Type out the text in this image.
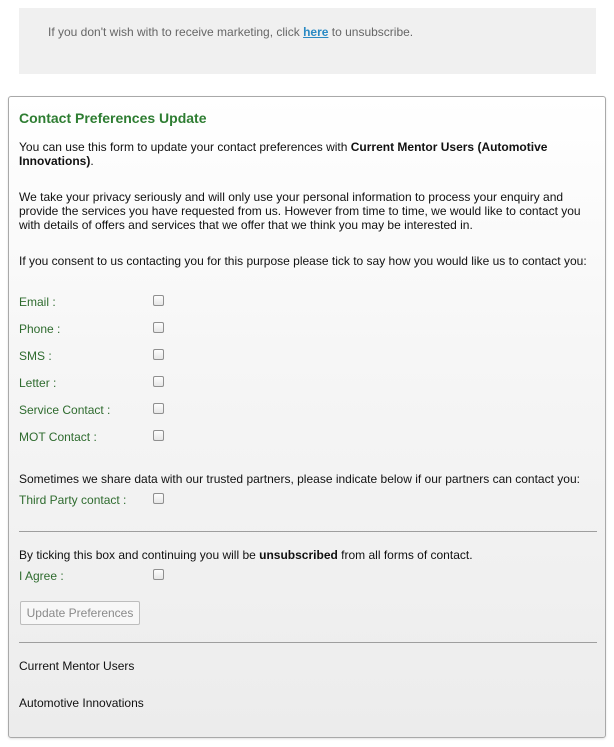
If you don't wish with to receive marketing, click here to unsubscribe.
Contact Preferences Update
You can use this form to update your contact preferences with Current Mentor Users (Automotive Innovations).
We take your privacy seriously and will only use your personal information to process your enquiry and provide the services you have requested from us. However from time to time, we would like to contact you with details of offers and services that we offer that we think you may be interested in.
If you consent to us contacting you for this purpose please tick to say how you would like us to contact you:
Email :
Phone :
SMS :
Letter :
Service Contact :
MOT Contact :
Sometimes we share data with our trusted partners, please indicate below if our partners can contact you:
Third Party contact :
By ticking this box and continuing you will be unsubscribed from all forms of contact.
I Agree :
Update Preferences
Current Mentor Users
Automotive Innovations
